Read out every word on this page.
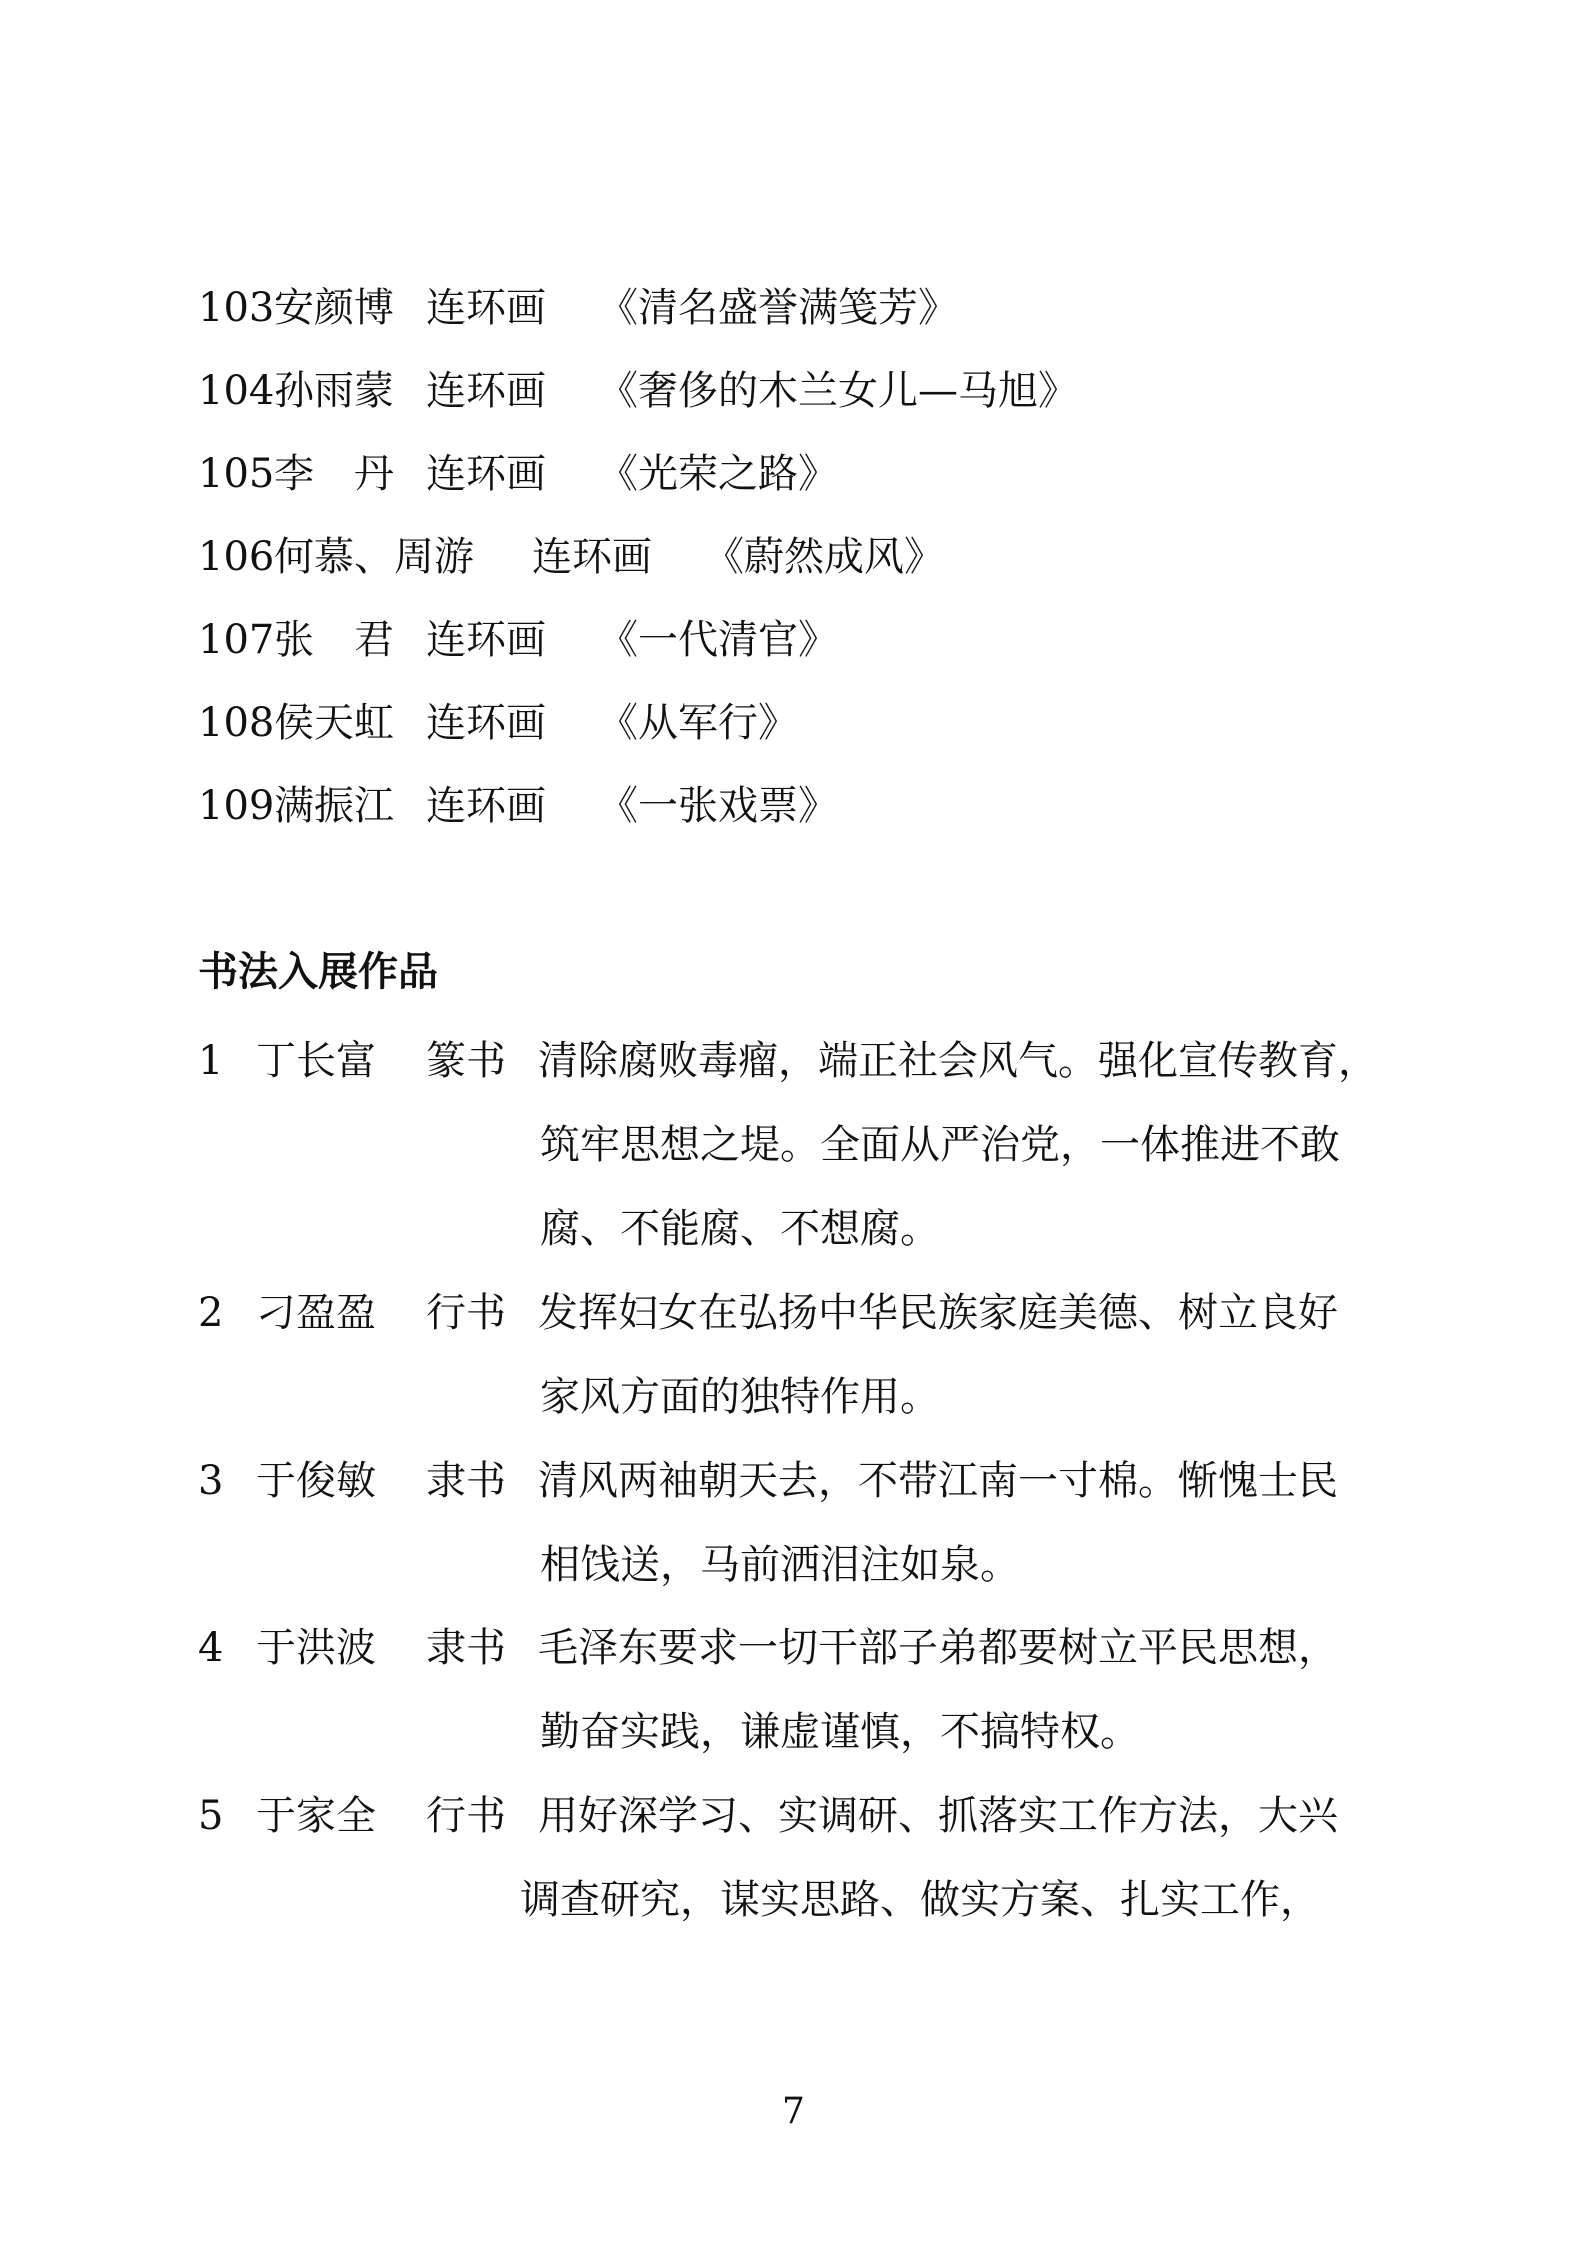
103 安颜博 连环画 《清名盛誉满笺芳》
104 孙雨蒙 连环画 《奢侈的木兰女儿—马旭》
105 李　丹 连环画 《光荣之路》
106 何慕、周游 连环画 《蔚然成风》
107 张　君 连环画 《一代清官》
108 侯天虹 连环画 《从军行》
109 满振江 连环画 《一张戏票》
书法入展作品
1 丁长富 篆书 清除腐败毒瘤，端正社会风气。强化宣传教育，
筑牢思想之堤。全面从严治党，一体推进不敢
腐、不能腐、不想腐。
2 刁盈盈 行书 发挥妇女在弘扬中华民族家庭美德、树立良好
家风方面的独特作用。
3 于俊敏 隶书 清风两袖朝天去，不带江南一寸棉。惭愧士民
相饯送，马前洒泪注如泉。
4 于洪波 隶书 毛泽东要求一切干部子弟都要树立平民思想，
勤奋实践，谦虚谨慎，不搞特权。
5 于家全 行书 用好深学习、实调研、抓落实工作方法，大兴
调查研究，谋实思路、做实方案、扎实工作，
7
